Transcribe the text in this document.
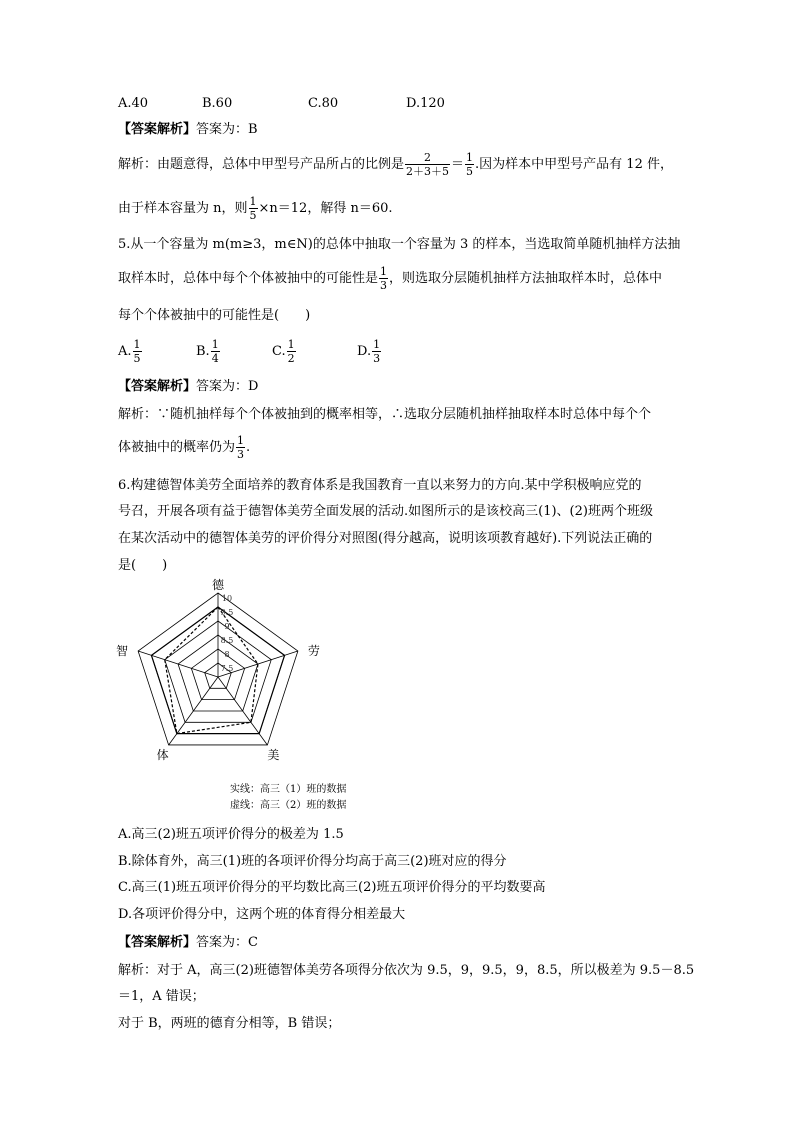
A.40	B.60	C.80	D.120
【答案解析】答案为：B
解析：由题意得，总体中甲型号产品所占的比例是 $\frac{2}{2+3+5} = \frac{1}{5}$ .因为样本中甲型号产品有 12 件，
由于样本容量为 n，则 $\frac{1}{5} \times n=12$，解得 n＝60.
5.从一个容量为 m(m≥3，m∈N)的总体中抽取一个容量为 3 的样本，当选取简单随机抽样方法抽
取样本时，总体中每个个体被抽中的可能性是 $\frac{1}{3}$ ，则选取分层随机抽样方法抽取样本时，总体中
每个个体被抽中的可能性是(　　)
A. $\frac{1}{5}$	B. $\frac{1}{4}$	C. $\frac{1}{2}$	D. $\frac{1}{3}$
【答案解析】答案为：D
解析：∵随机抽样每个个体被抽到的概率相等，∴选取分层随机抽样抽取样本时总体中每个个
体被抽中的概率仍为 $\frac{1}{3}$ .
6.构建德智体美劳全面培养的教育体系是我国教育一直以来努力的方向.某中学积极响应党的
号召，开展各项有益于德智体美劳全面发展的活动.如图所示的是该校高三(1)、(2)班两个班级
在某次活动中的德智体美劳的评价得分对照图(得分越高，说明该项教育越好).下列说法正确的
是(　　)
德
劳
美
体
智
10
9.5
9
8.5
8
7.5
实线：高三（1）班的数据
虚线：高三（2）班的数据
A.高三(2)班五项评价得分的极差为 1.5
B.除体育外，高三(1)班的各项评价得分均高于高三(2)班对应的得分
C.高三(1)班五项评价得分的平均数比高三(2)班五项评价得分的平均数要高
D.各项评价得分中，这两个班的体育得分相差最大
【答案解析】答案为：C
解析：对于 A，高三(2)班德智体美劳各项得分依次为 9.5，9，9.5，9，8.5，所以极差为 9.5－8.5
＝1，A 错误；
对于 B，两班的德育分相等，B 错误；
